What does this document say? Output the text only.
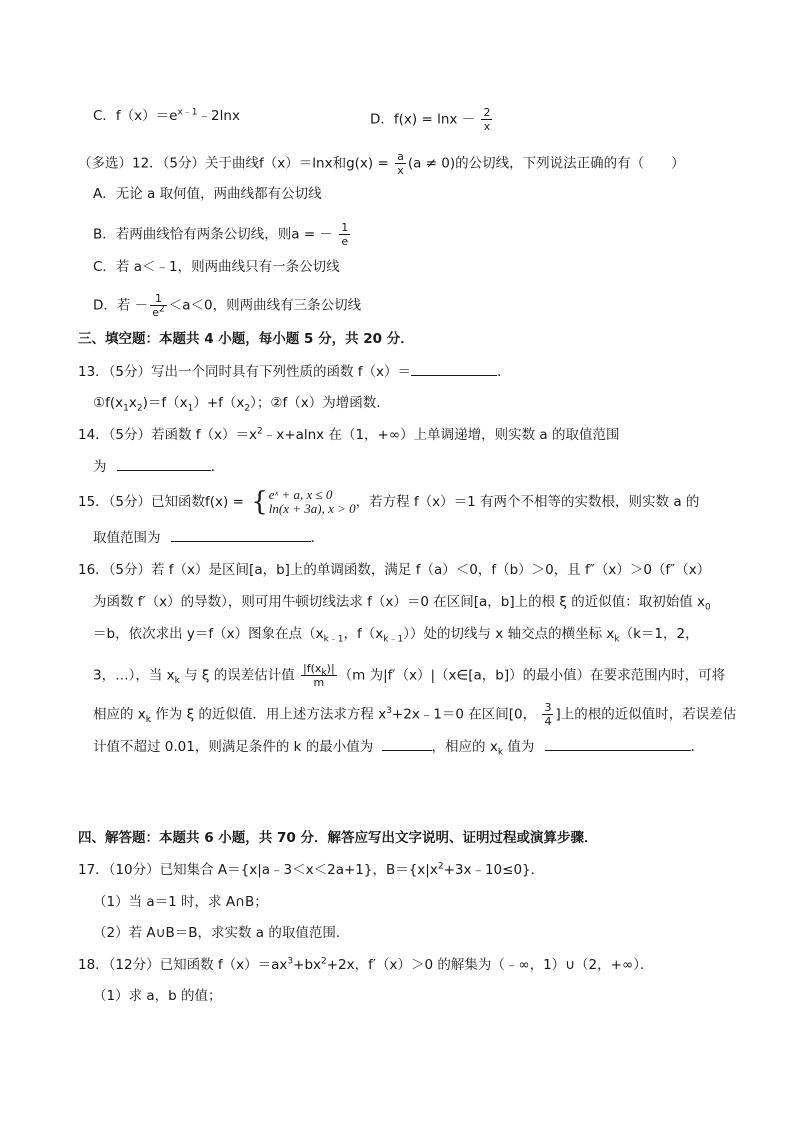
C．$f(x)=e^{x﹣1}﹣2\ln x$	D．$f(x) = \ln x - \frac{2}{x}$
（多选）12．（5分）关于曲线f（x）＝lnx和$g(x) = \frac{a}{x} (a \ne 0)$的公切线，下列说法正确的有（　　）
A．无论 a 取何值，两曲线都有公切线
B．若两曲线恰有两条公切线，则a = － $\frac{1}{e}$
C．若 a＜﹣1，则两曲线只有一条公切线
D．若 － $\frac{1}{e^2} <a<0$，则两曲线有三条公切线
三、填空题：本题共 4 小题，每小题 5 分，共 20 分．
13．（5分）写出一个同时具有下列性质的函数 f（x）＝	．
$①f(x_1x_2)=f(x_1)+f(x_2)$；②f（x）为增函数．
14．（5分）若函数 $f(x)=x^2﹣x+alnx$ 在（1，+∞）上单调递增，则实数 a 的取值范围
为	．
15．（5分）已知函数f(x) = { eˣ + a, x ≤ 0
ln(x + 3a), x > 0 ，若方程 f（x）＝1 有两个不相等的实数根，则实数 a 的
取值范围为	．
16．（5分）若 f（x）是区间[a，b]上的单调函数，满足 f（a）＜0，f（b）＞0，且 f″（x）＞0（f″（x）
为函数 f′（x）的导数），则可用牛顿切线法求 f（x）＝0 在区间[a，b]上的根 ξ 的近似值：取初始值 $x_0$
＝b，依次求出 y＝f（x）图象在点（$x_{k﹣1}$，$f(x_{k﹣1})$）处的切线与 x 轴交点的横坐标 $x_k(k=1$，2，
3，…），当 $x_k$ 与 ξ 的误差估计值 $\frac{|f(x_k)|}{m} (m$ 为|f′（x）|（x∈[a，b]）的最小值）在要求范围内时，可将
相应的 $x_k$ 作为 ξ 的近似值．用上述方法求方程 $x^3+2x﹣1=0$ 在区间[0， $\frac{3}{4}$ ]上的根的近似值时，若误差估
计值不超过 0.01，则满足条件的 k 的最小值为	，相应的 $x_k$ 值为	．
四、解答题：本题共 6 小题，共 70 分．解答应写出文字说明、证明过程或演算步骤．
17．（10分）已知集合 A＝{x|a﹣3＜x＜2a+1}，$B=\{x|x^2+3x﹣10\le 0\}$．
（1）当 a＝1 时，求 A∩B；
（2）若 A∪B＝B，求实数 a 的取值范围．
18．（12分）已知函数 $f(x)=ax^3+bx^2+2x$，f′（x）＞0 的解集为（﹣∞，1）∪（2，+∞）．
（1）求 a，b 的值；
